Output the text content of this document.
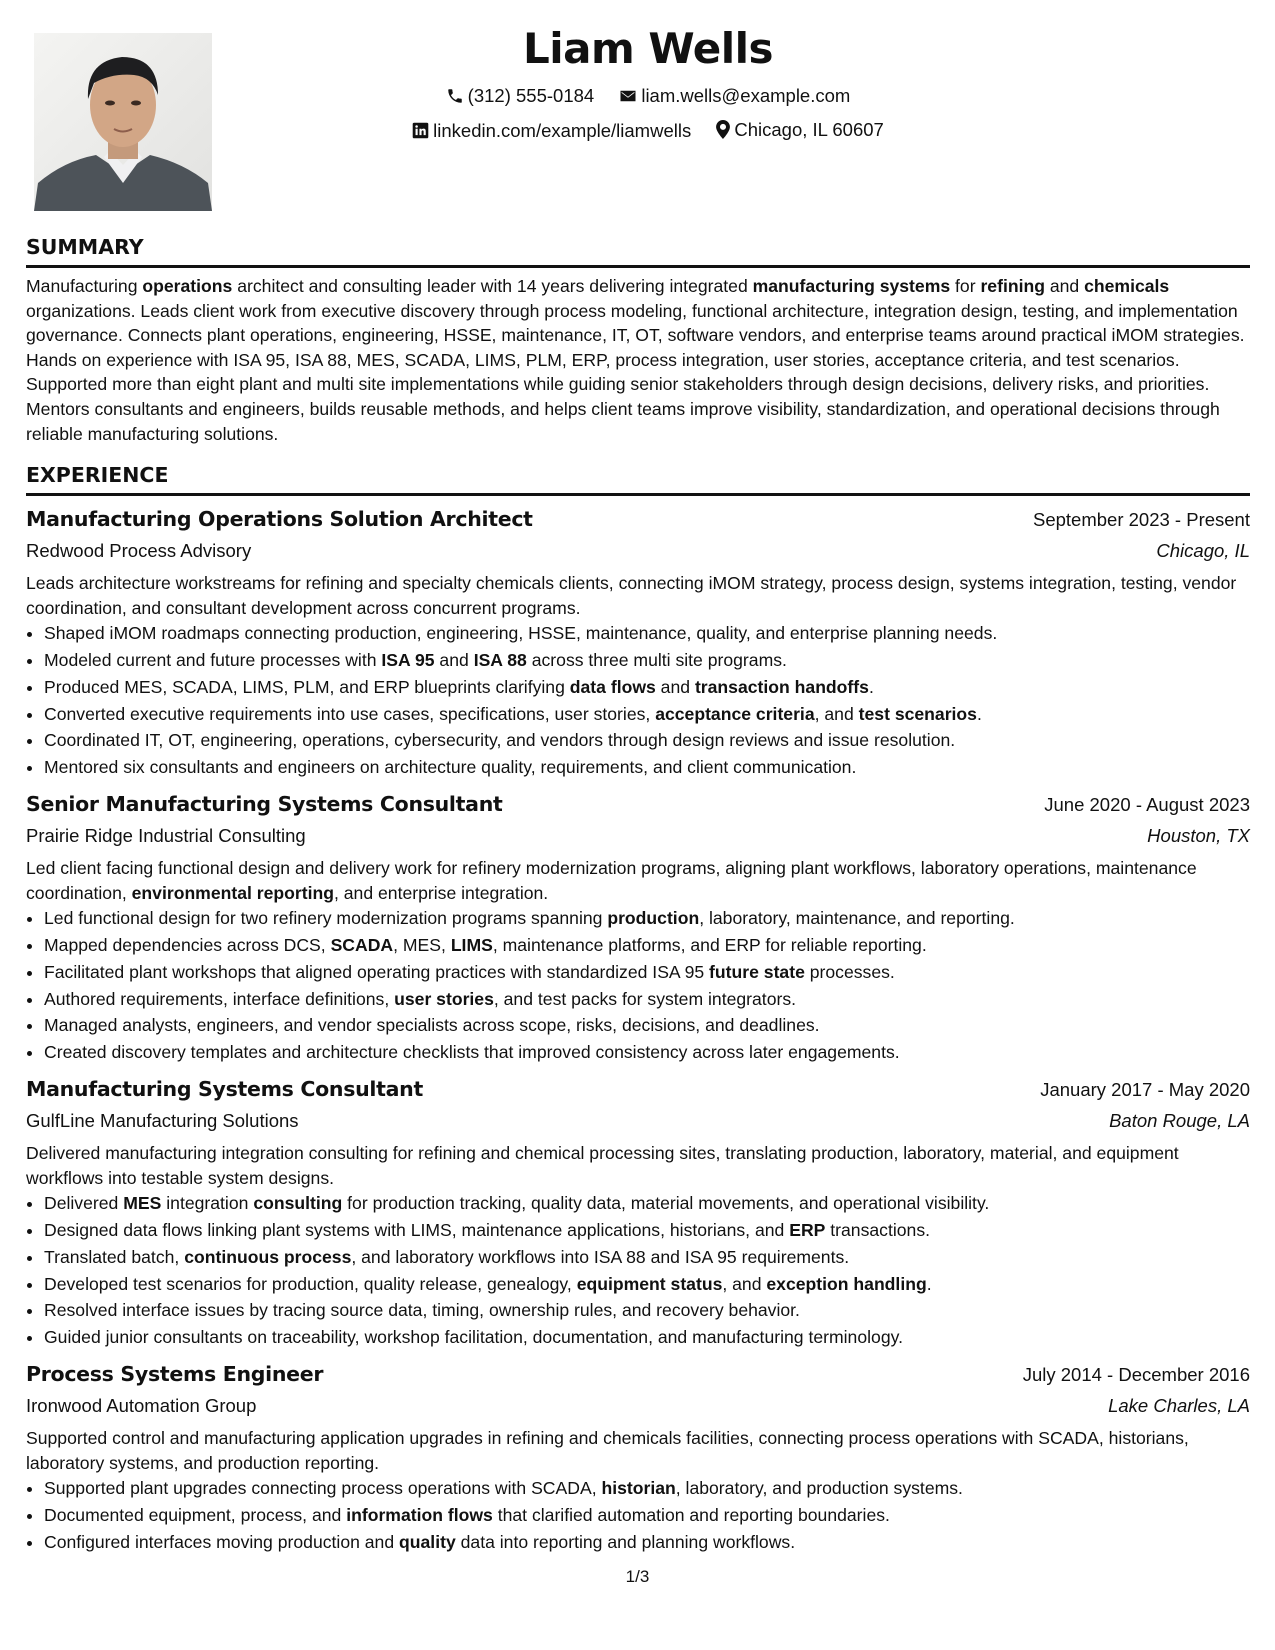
Liam Wells
(312) 555-0184
	liam.wells@example.com
linkedin.com/example/liamwells
Chicago, IL 60607
SUMMARY
Manufacturing operations architect and consulting leader with 14 years delivering integrated manufacturing systems for refining and chemicals organizations. Leads client work from executive discovery through process modeling, functional architecture, integration design, testing, and implementation governance. Connects plant operations, engineering, HSSE, maintenance, IT, OT, software vendors, and enterprise teams around practical iMOM strategies. Hands on experience with ISA 95, ISA 88, MES, SCADA, LIMS, PLM, ERP, process integration, user stories, acceptance criteria, and test scenarios. Supported more than eight plant and multi site implementations while guiding senior stakeholders through design decisions, delivery risks, and priorities. Mentors consultants and engineers, builds reusable methods, and helps client teams improve visibility, standardization, and operational decisions through reliable manufacturing solutions.
EXPERIENCE
Manufacturing Operations Solution Architect	September 2023 - Present
Redwood Process Advisory	Chicago, IL
Leads architecture workstreams for refining and specialty chemicals clients, connecting iMOM strategy, process design, systems integration, testing, vendor coordination, and consultant development across concurrent programs.
• Shaped iMOM roadmaps connecting production, engineering, HSSE, maintenance, quality, and enterprise planning needs.
• Modeled current and future processes with ISA 95 and ISA 88 across three multi site programs.
• Produced MES, SCADA, LIMS, PLM, and ERP blueprints clarifying data flows and transaction handoffs.
• Converted executive requirements into use cases, specifications, user stories, acceptance criteria, and test scenarios.
• Coordinated IT, OT, engineering, operations, cybersecurity, and vendors through design reviews and issue resolution.
• Mentored six consultants and engineers on architecture quality, requirements, and client communication.
Senior Manufacturing Systems Consultant	June 2020 - August 2023
Prairie Ridge Industrial Consulting	Houston, TX
Led client facing functional design and delivery work for refinery modernization programs, aligning plant workflows, laboratory operations, maintenance coordination, environmental reporting, and enterprise integration.
• Led functional design for two refinery modernization programs spanning production, laboratory, maintenance, and reporting.
• Mapped dependencies across DCS, SCADA, MES, LIMS, maintenance platforms, and ERP for reliable reporting.
• Facilitated plant workshops that aligned operating practices with standardized ISA 95 future state processes.
• Authored requirements, interface definitions, user stories, and test packs for system integrators.
• Managed analysts, engineers, and vendor specialists across scope, risks, decisions, and deadlines.
• Created discovery templates and architecture checklists that improved consistency across later engagements.
Manufacturing Systems Consultant	January 2017 - May 2020
GulfLine Manufacturing Solutions	Baton Rouge, LA
Delivered manufacturing integration consulting for refining and chemical processing sites, translating production, laboratory, material, and equipment workflows into testable system designs.
• Delivered MES integration consulting for production tracking, quality data, material movements, and operational visibility.
• Designed data flows linking plant systems with LIMS, maintenance applications, historians, and ERP transactions.
• Translated batch, continuous process, and laboratory workflows into ISA 88 and ISA 95 requirements.
• Developed test scenarios for production, quality release, genealogy, equipment status, and exception handling.
• Resolved interface issues by tracing source data, timing, ownership rules, and recovery behavior.
• Guided junior consultants on traceability, workshop facilitation, documentation, and manufacturing terminology.
Process Systems Engineer	July 2014 - December 2016
Ironwood Automation Group	Lake Charles, LA
Supported control and manufacturing application upgrades in refining and chemicals facilities, connecting process operations with SCADA, historians, laboratory systems, and production reporting.
• Supported plant upgrades connecting process operations with SCADA, historian, laboratory, and production systems.
• Documented equipment, process, and information flows that clarified automation and reporting boundaries.
• Configured interfaces moving production and quality data into reporting and planning workflows.
1/3
